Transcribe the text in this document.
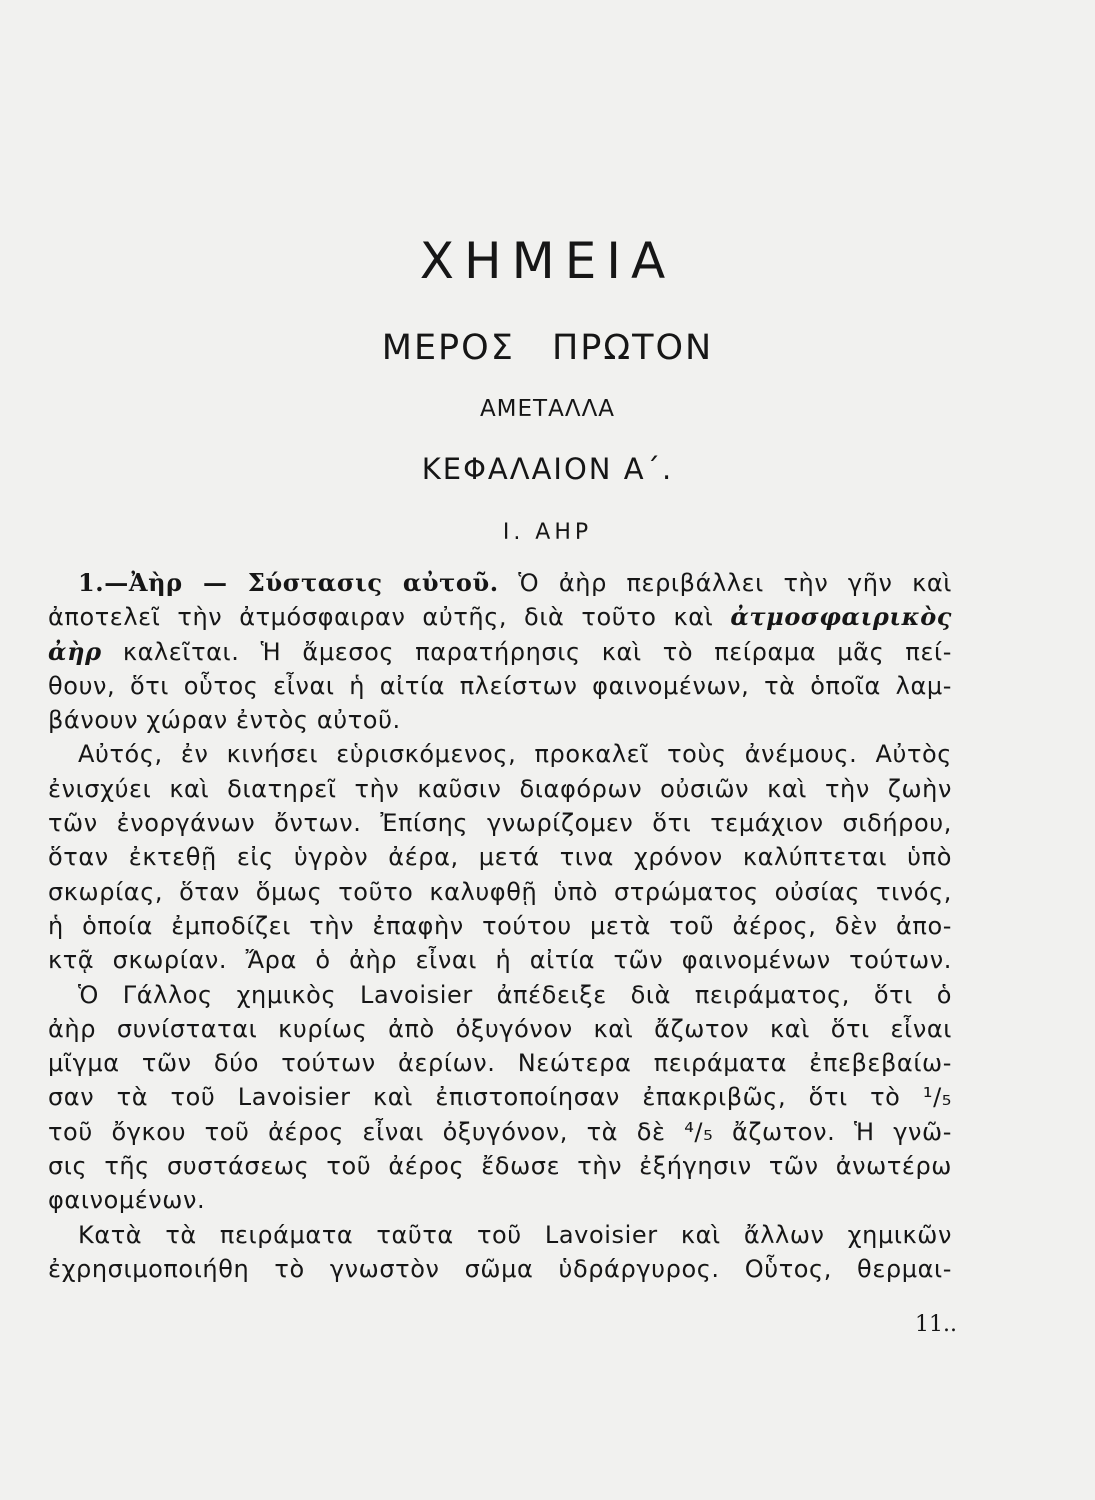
ΧΗΜΕΙΑ
ΜΕΡΟΣ ΠΡΩΤΟΝ
ΑΜΕΤΑΛΛΑ
ΚΕΦΑΛΑΙΟΝ Α΄.
Ι. ΑΗΡ
1.—Ἀὴρ — Σύστασις αὐτοῦ. Ὁ ἀὴρ περιβάλλει τὴν γῆν καὶ
ἀποτελεῖ τὴν ἀτμόσφαιραν αὐτῆς, διὰ τοῦτο καὶ ἀτμοσφαιρικὸς
ἀὴρ καλεῖται. Ἡ ἄμεσος παρατήρησις καὶ τὸ πείραμα μᾶς πεί-
θουν, ὅτι οὗτος εἶναι ἡ αἰτία πλείστων φαινομένων, τὰ ὁποῖα λαμ-
βάνουν χώραν ἐντὸς αὐτοῦ.
Αὐτός, ἐν κινήσει εὑρισκόμενος, προκαλεῖ τοὺς ἀνέμους. Αὐτὸς
ἐνισχύει καὶ διατηρεῖ τὴν καῦσιν διαφόρων οὐσιῶν καὶ τὴν ζωὴν
τῶν ἐνοργάνων ὄντων. Ἐπίσης γνωρίζομεν ὅτι τεμάχιον σιδήρου,
ὅταν ἐκτεθῇ εἰς ὑγρὸν ἀέρα, μετά τινα χρόνον καλύπτεται ὑπὸ
σκωρίας, ὅταν ὅμως τοῦτο καλυφθῇ ὑπὸ στρώματος οὐσίας τινός,
ἡ ὁποία ἐμποδίζει τὴν ἐπαφὴν τούτου μετὰ τοῦ ἀέρος, δὲν ἀπο-
κτᾷ σκωρίαν. Ἄρα ὁ ἀὴρ εἶναι ἡ αἰτία τῶν φαινομένων τούτων.
Ὁ Γάλλος χημικὸς Lavoisier ἀπέδειξε διὰ πειράματος, ὅτι ὁ
ἀὴρ συνίσταται κυρίως ἀπὸ ὀξυγόνον καὶ ἄζωτον καὶ ὅτι εἶναι
μῖγμα τῶν δύο τούτων ἀερίων. Νεώτερα πειράματα ἐπεβεβαίω-
σαν τὰ τοῦ Lavoisier καὶ ἐπιστοποίησαν ἐπακριβῶς, ὅτι τὸ ¹/₅
τοῦ ὄγκου τοῦ ἀέρος εἶναι ὀξυγόνον, τὰ δὲ ⁴/₅ ἄζωτον. Ἡ γνῶ-
σις τῆς συστάσεως τοῦ ἀέρος ἔδωσε τὴν ἐξήγησιν τῶν ἀνωτέρω
φαινομένων.
Κατὰ τὰ πειράματα ταῦτα τοῦ Lavoisier καὶ ἄλλων χημικῶν
ἐχρησιμοποιήθη τὸ γνωστὸν σῶμα ὑδράργυρος. Οὗτος, θερμαι-
11..
